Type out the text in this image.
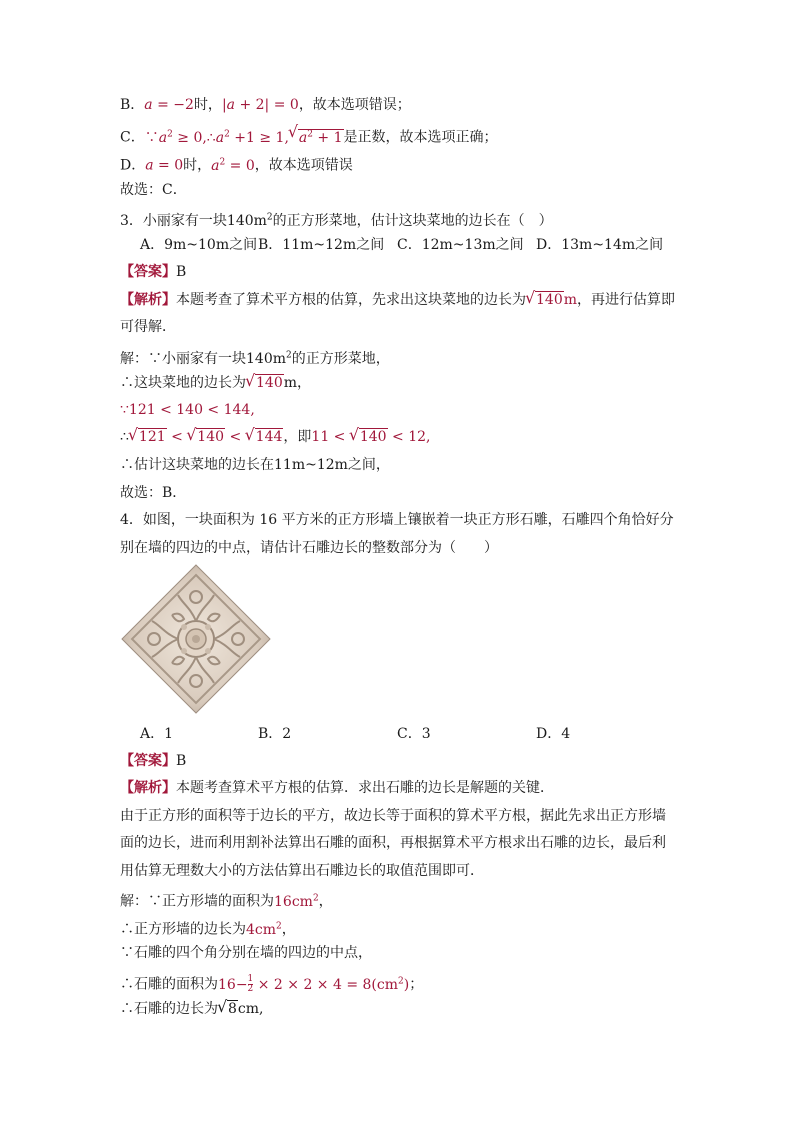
B．a = −2时，|a + 2| = 0，故本选项错误；
C．$\because a^2$ ≥ $0,\therefore a^2 +1 \ge 1,√$ $a^2 + 1$是正数，故本选项正确；
D．a = 0时，$a^2 = 0$，故本选项错误
故选：C．
3．小丽家有一块$140m^2$的正方形菜地，估计这块菜地的边长在（　）
A．9m~10m之间 B．11m~12m之间 C．12m~13m之间 D．13m~14m之间
【答案】B
【解析】本题考查了算术平方根的估算，先求出这块菜地的边长为√ 140m，再进行估算即
可得解．
解：∵小丽家有一块$140m^2$的正方形菜地，
∴这块菜地的边长为√ 140m，
∵121 < 140 < 144,
∴√ 121 < √ 140 < √ 144，即11 < √ 140 < 12,
∴估计这块菜地的边长在11m~12m之间，
故选：B．
4．如图，一块面积为 16 平方米的正方形墙上镶嵌着一块正方形石雕，石雕四个角恰好分
别在墙的四边的中点，请估计石雕边长的整数部分为（　　）
A．1	B．2	C．3	D．4
【答案】B
【解析】本题考查算术平方根的估算．求出石雕的边长是解题的关键．
由于正方形的面积等于边长的平方，故边长等于面积的算术平方根，据此先求出正方形墙
面的边长，进而利用割补法算出石雕的面积，再根据算术平方根求出石雕的边长，最后利
用估算无理数大小的方法估算出石雕边长的取值范围即可．
解：∵正方形墙的面积为$16cm^2$，
∴正方形墙的边长为$4cm^2$，
∵石雕的四个角分别在墙的四边的中点，
∴石雕的面积为$16- \frac{1}{2} \times 2 \times 2 \times 4 = 8(cm^2)$；
∴石雕的边长为√ 8cm,
